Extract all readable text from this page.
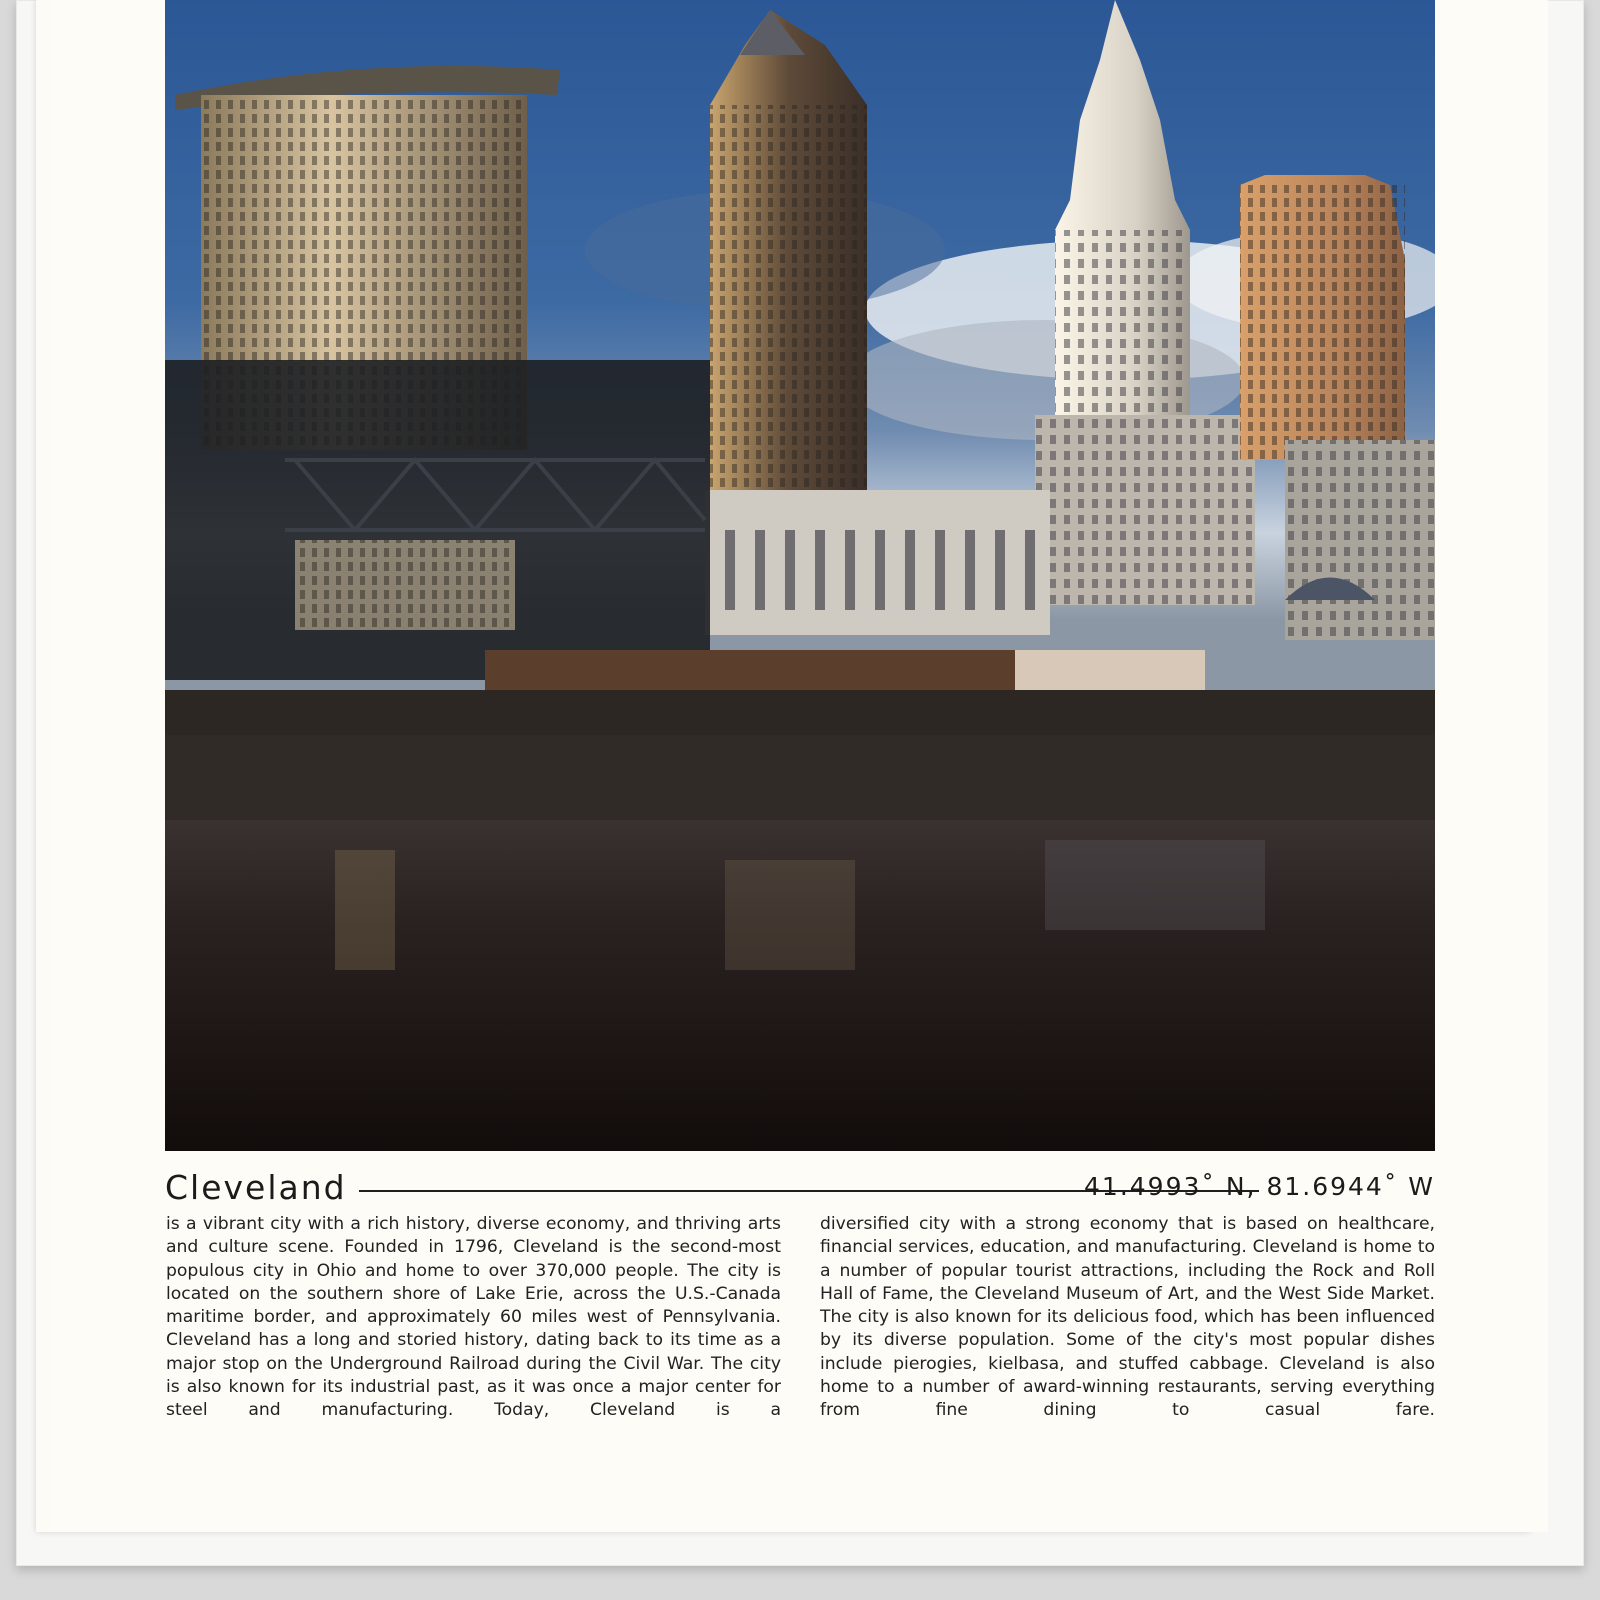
Cleveland	41.4993˚ N, 81.6944˚ W
is a vibrant city with a rich history, diverse economy, and thriving arts and culture scene. Founded in 1796, Cleveland is the second-most populous city in Ohio and home to over 370,000 people. The city is located on the southern shore of Lake Erie, across the U.S.-Canada maritime border, and approximately 60 miles west of Pennsylvania. Cleveland has a long and storied history, dating back to its time as a major stop on the Underground Railroad during the Civil War. The city is also known for its industrial past, as it was once a major center for steel and manufacturing. Today, Cleveland is a
diversified city with a strong economy that is based on healthcare, financial services, education, and manufacturing. Cleveland is home to a number of popular tourist attractions, including the Rock and Roll Hall of Fame, the Cleveland Museum of Art, and the West Side Market. The city is also known for its delicious food, which has been influenced by its diverse population. Some of the city's most popular dishes include pierogies, kielbasa, and stuffed cabbage. Cleveland is also home to a number of award-winning restaurants, serving everything from fine dining to casual fare.
